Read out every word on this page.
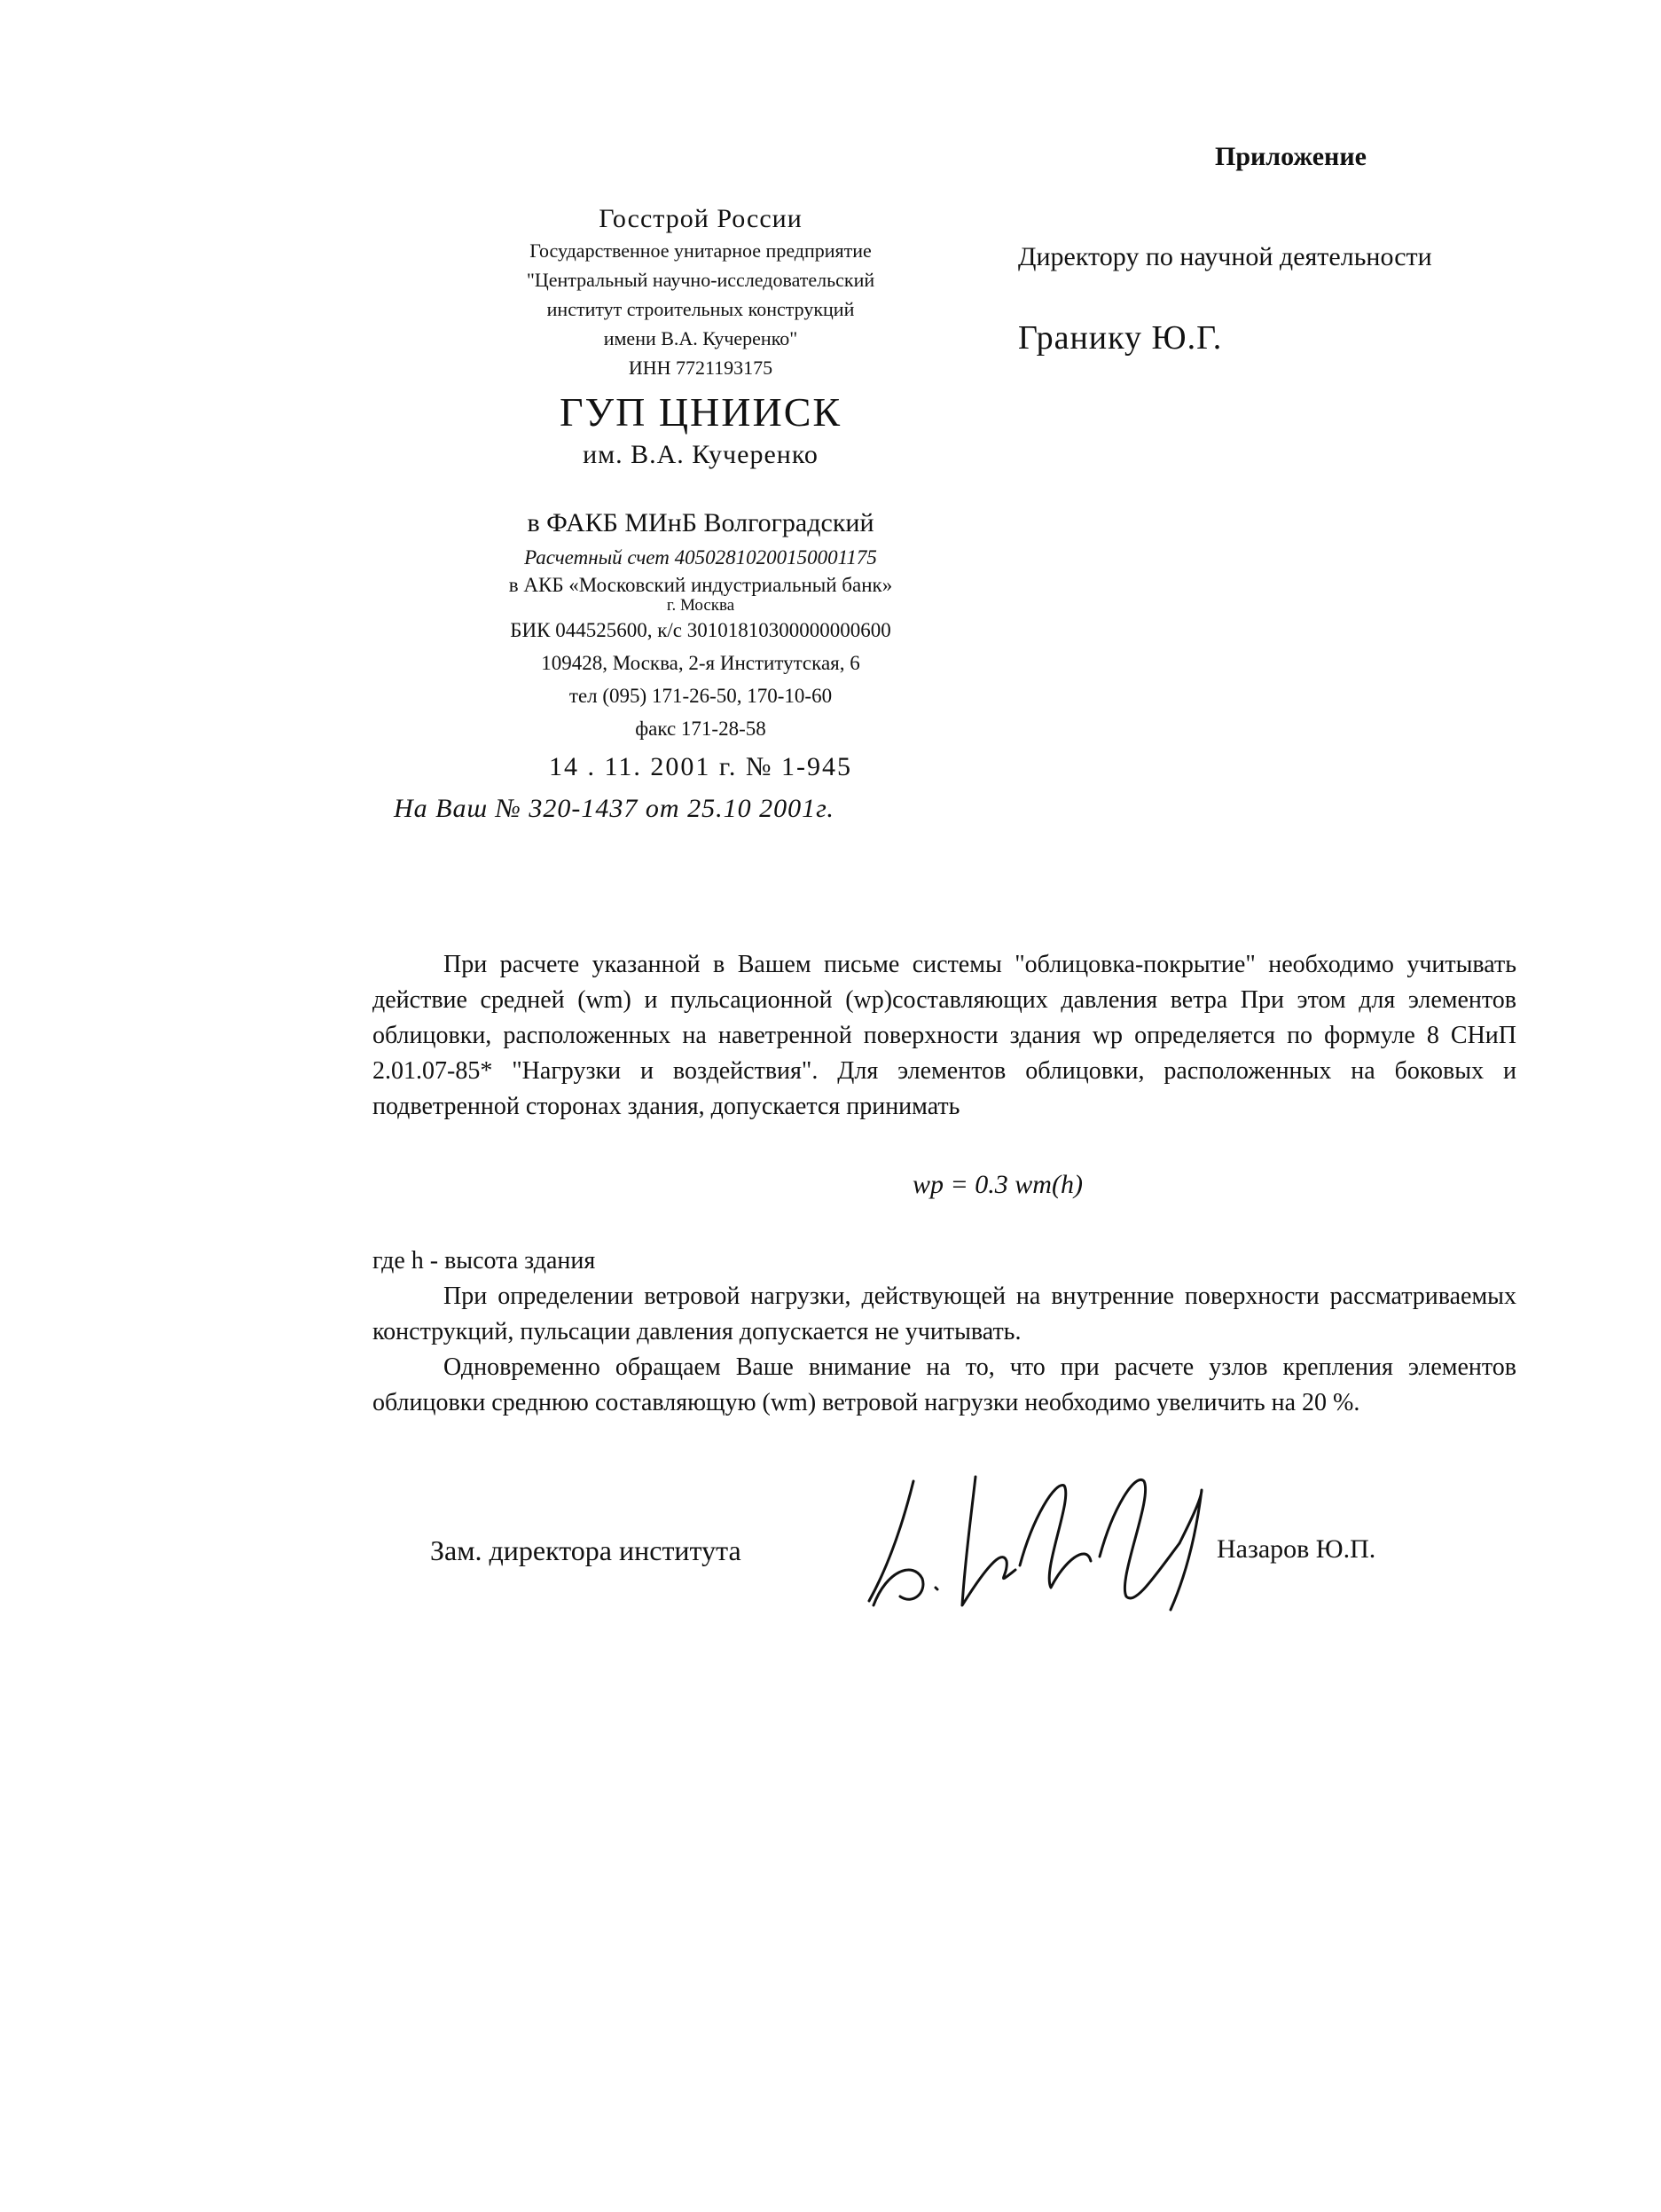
Приложение
Госстрой России
Государственное унитарное предприятие
"Центральный научно-исследовательский
институт строительных конструкций
имени В.А. Кучеренко"
ИНН 7721193175
ГУП ЦНИИСК
им. В.А. Кучеренко
в ФАКБ МИнБ Волгоградский
Расчетный счет 40502810200150001175
в АКБ «Московский индустриальный банк»
г. Москва
БИК 044525600, к/с 30101810300000000600
109428, Москва, 2-я Институтская, 6
тел (095) 171-26-50, 170-10-60
факс 171-28-58
14 . 11. 2001 г. № 1-945
На Ваш № 320-1437 от 25.10 2001г.
Директору по научной деятельности
Гранику Ю.Г.

При расчете указанной в Вашем письме системы "облицовка-покрытие" необходимо учитывать действие средней (wm) и пульсационной (wp)составляющих давления ветра При этом для элементов облицовки, расположенных на наветренной поверхности здания wp определяется по формуле 8 СНиП 2.01.07-85* "Нагрузки и воздействия". Для элементов облицовки, расположенных на боковых и подветренной сторонах здания, допускается принимать

wp = 0.3 wm(h)

где h - высота здания

При определении ветровой нагрузки, действующей на внутренние поверхности рассматриваемых конструкций, пульсации давления допускается не учитывать.

Одновременно обращаем Ваше внимание на то, что при расчете узлов крепления элементов облицовки среднюю составляющую (wm) ветровой нагрузки необходимо увеличить на 20 %.

Зам. директора института	Назаров Ю.П.
